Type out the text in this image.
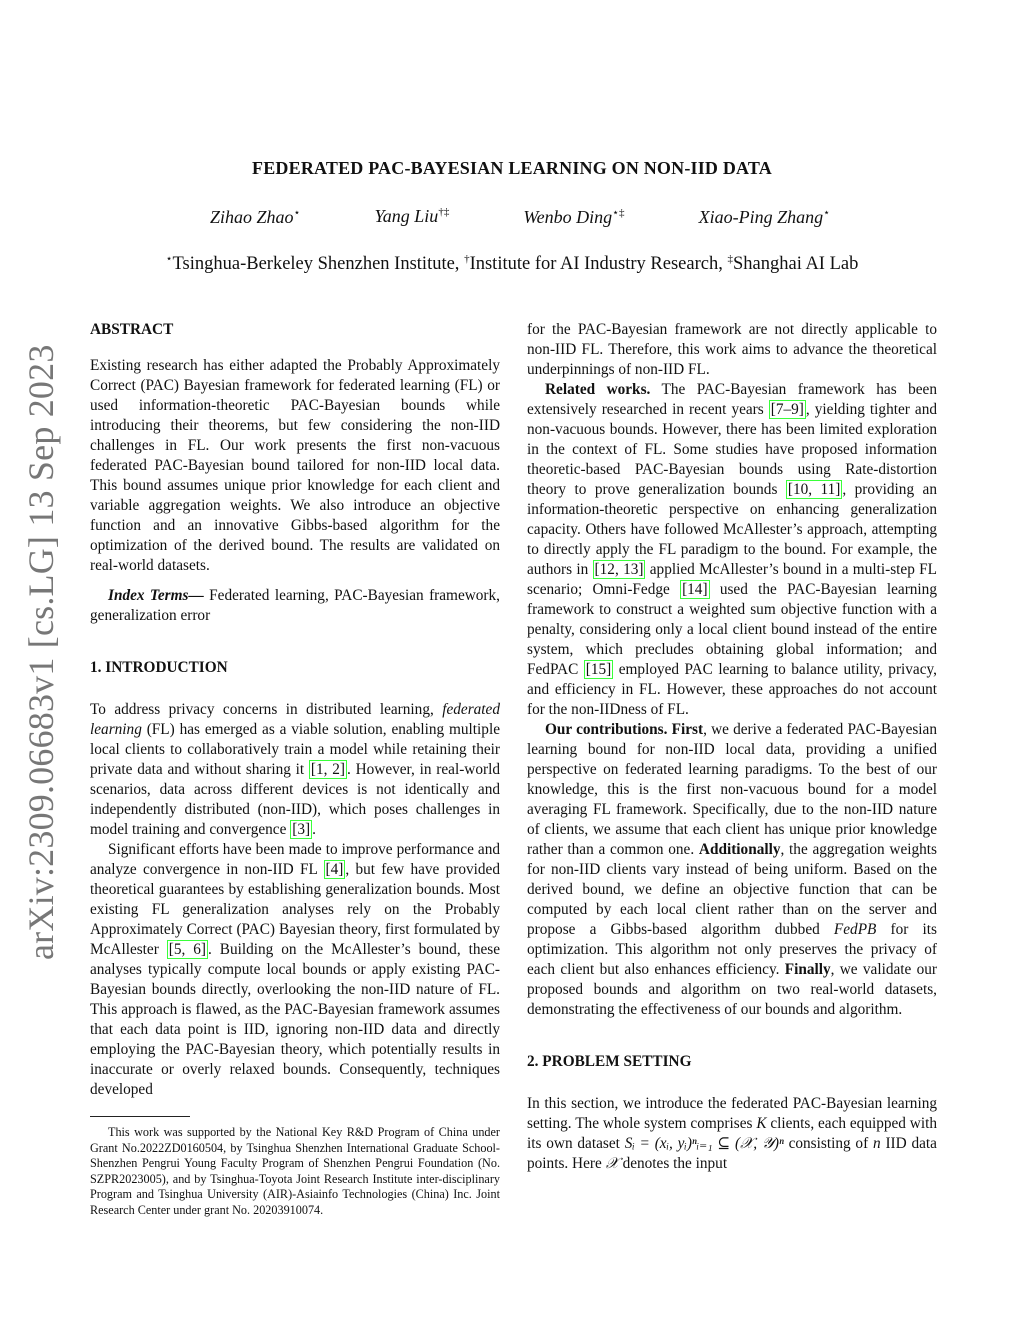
arXiv:2309.06683v1 [cs.LG] 13 Sep 2023
FEDERATED PAC-BAYESIAN LEARNING ON NON-IID DATA
Zihao Zhao⋆	Yang Liu†‡	Wenbo Ding⋆‡	Xiao-Ping Zhang⋆
⋆Tsinghua-Berkeley Shenzhen Institute, †Institute for AI Industry Research, ‡Shanghai AI Lab

ABSTRACT

Existing research has either adapted the Probably Approximately Correct (PAC) Bayesian framework for federated learning (FL) or used information-theoretic PAC-Bayesian bounds while introducing their theorems, but few considering the non-IID challenges in FL. Our work presents the first non-vacuous federated PAC-Bayesian bound tailored for non-IID local data. This bound assumes unique prior knowledge for each client and variable aggregation weights. We also introduce an objective function and an innovative Gibbs-based algorithm for the optimization of the derived bound. The results are validated on real-world datasets.

Index Terms— Federated learning, PAC-Bayesian framework, generalization error

1. INTRODUCTION

To address privacy concerns in distributed learning, federated learning (FL) has emerged as a viable solution, enabling multiple local clients to collaboratively train a model while retaining their private data and without sharing it [1, 2] . However, in real-world scenarios, data across different devices is not identically and independently distributed (non-IID), which poses challenges in model training and convergence [3] .

Significant efforts have been made to improve performance and analyze convergence in non-IID FL [4] , but few have provided theoretical guarantees by establishing generalization bounds. Most existing FL generalization analyses rely on the Probably Approximately Correct (PAC) Bayesian theory, first formulated by McAllester [5, 6] . Building on the McAllester’s bound, these analyses typically compute local bounds or apply existing PAC-Bayesian bounds directly, overlooking the non-IID nature of FL. This approach is flawed, as the PAC-Bayesian framework assumes that each data point is IID, ignoring non-IID data and directly employing the PAC-Bayesian theory, which potentially results in inaccurate or overly relaxed bounds. Consequently, techniques developed

This work was supported by the National Key R&D Program of China under Grant No.2022ZD0160504, by Tsinghua Shenzhen International Graduate School-Shenzhen Pengrui Young Faculty Program of Shenzhen Pengrui Foundation (No. SZPR2023005), and by Tsinghua-Toyota Joint Research Institute inter-disciplinary Program and Tsinghua University (AIR)-Asiainfo Technologies (China) Inc. Joint Research Center under grant No. 20203910074.

for the PAC-Bayesian framework are not directly applicable to non-IID FL. Therefore, this work aims to advance the theoretical underpinnings of non-IID FL.

Related works. The PAC-Bayesian framework has been extensively researched in recent years [7–9] , yielding tighter and non-vacuous bounds. However, there has been limited exploration in the context of FL. Some studies have proposed information theoretic-based PAC-Bayesian bounds using Rate-distortion theory to prove generalization bounds [10, 11] , providing an information-theoretic perspective on enhancing generalization capacity. Others have followed McAllester’s approach, attempting to directly apply the FL paradigm to the bound. For example, the authors in [12, 13] applied McAllester’s bound in a multi-step FL scenario; Omni-Fedge [14] used the PAC-Bayesian learning framework to construct a weighted sum objective function with a penalty, considering only a local client bound instead of the entire system, which precludes obtaining global information; and FedPAC [15] employed PAC learning to balance utility, privacy, and efficiency in FL. However, these approaches do not account for the non-IIDness of FL.

Our contributions. First, we derive a federated PAC-Bayesian learning bound for non-IID local data, providing a unified perspective on federated learning paradigms. To the best of our knowledge, this is the first non-vacuous bound for a model averaging FL framework. Specifically, due to the non-IID nature of clients, we assume that each client has unique prior knowledge rather than a common one. Additionally, the aggregation weights for non-IID clients vary instead of being uniform. Based on the derived bound, we define an objective function that can be computed by each local client rather than on the server and propose a Gibbs-based algorithm dubbed FedPB for its optimization. This algorithm not only preserves the privacy of each client but also enhances efficiency. Finally, we validate our proposed bounds and algorithm on two real-world datasets, demonstrating the effectiveness of our bounds and algorithm.

2. PROBLEM SETTING

In this section, we introduce the federated PAC-Bayesian learning setting. The whole system comprises K clients, each equipped with its own dataset Sᵢ = (xᵢ, yᵢ)ⁿᵢ₌₁ ⊆ (𝒳, 𝒴)ⁿ consisting of n IID data points. Here 𝒳 denotes the input
